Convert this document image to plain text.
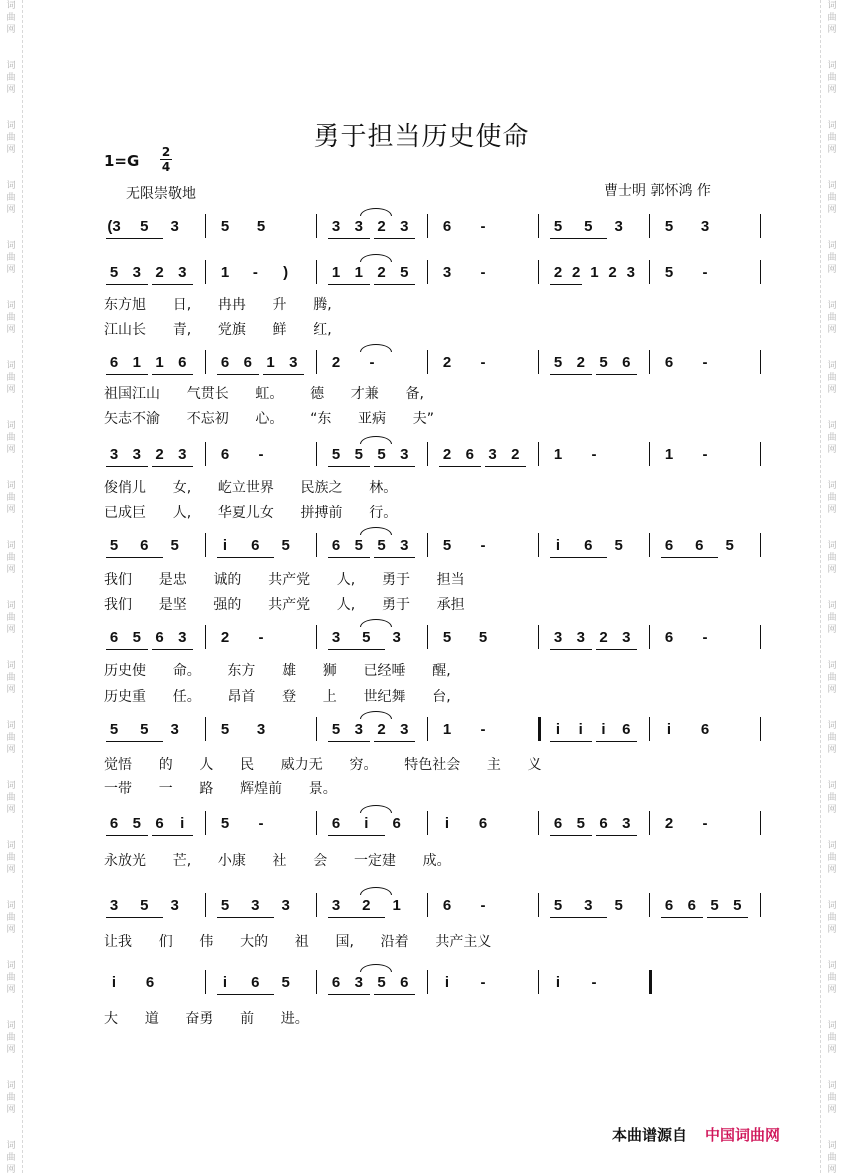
词
曲
网
词
曲
网
词
曲
网
词
曲
网
词
曲
网
词
曲
网
词
曲
网
词
曲
网
词
曲
网
词
曲
网
词
曲
网
词
曲
网
词
曲
网
词
曲
网
词
曲
网
词
曲
网
词
曲
网
词
曲
网
词
曲
网
词
曲
网
词
曲
网
词
曲
网
词
曲
网
词
曲
网
词
曲
网
词
曲
网
词
曲
网
词
曲
网
词
曲
网
词
曲
网
词
曲
网
词
曲
网
词
曲
网
词
曲
网
词
曲
网
词
曲
网
词
曲
网
词
曲
网
词
曲
网
词
曲
网
勇于担当历史使命
1=G 2
4
无限崇敬地	曹士明 郭怀鸿 作
(3 5 3	5 5	3 3 2 3 6	-	5 5 3	5 3
5 3 2 3 1	-	)	1 1 2 5 3	-	2 2 1 2 3 5	-
东方旭      日,      冉冉      升      腾,
江山长      青,      党旗      鲜      红,
6 1 1 6 6 6 1 3 2	-	2	-	5 2 5 6 6	-
祖国江山      气贯长      虹。      德      才兼      备,
矢志不渝      不忘初      心。      “东      亚病      夫”
3 3 2 3 6	-	5 5 5 3 2 6 3 2 1	-	1	-
俊俏儿      女,      屹立世界      民族之      林。
已成巨      人,      华夏儿女      拼搏前      行。
5 6 5	i	6 5	6 5 5 3 5	-	i	6 5	6 6 5
我们      是忠      诚的      共产党      人,      勇于      担当
我们      是坚      强的      共产党      人,      勇于      承担
6 5 6 3 2	-	3 5 3	5 5	3 3 2 3 6	-
历史使      命。      东方      雄      狮      已经唾      醒,
历史重      任。      昂首      登      上      世纪舞      台,
5 5 3	5 3	5 3 2 3 1	-	i	i	i	6	i	6
觉悟      的      人      民      威力无      穷。      特色社会      主      义
一带      一      路      辉煌前      景。
6 5 6	i	5	-	6	i	6	i	6	6 5 6 3 2	-
永放光      芒,      小康      社      会      一定建      成。
3 5 3	5 3 3	3 2 1	6	-	5 3 5	6 6 5 5
让我      们      伟      大的      祖      国,      沿着      共产主义
i	6	i	6 5	6 3 5 6	i	-	i	-
大      道      奋勇      前      进。
本曲谱源自 中国词曲网
